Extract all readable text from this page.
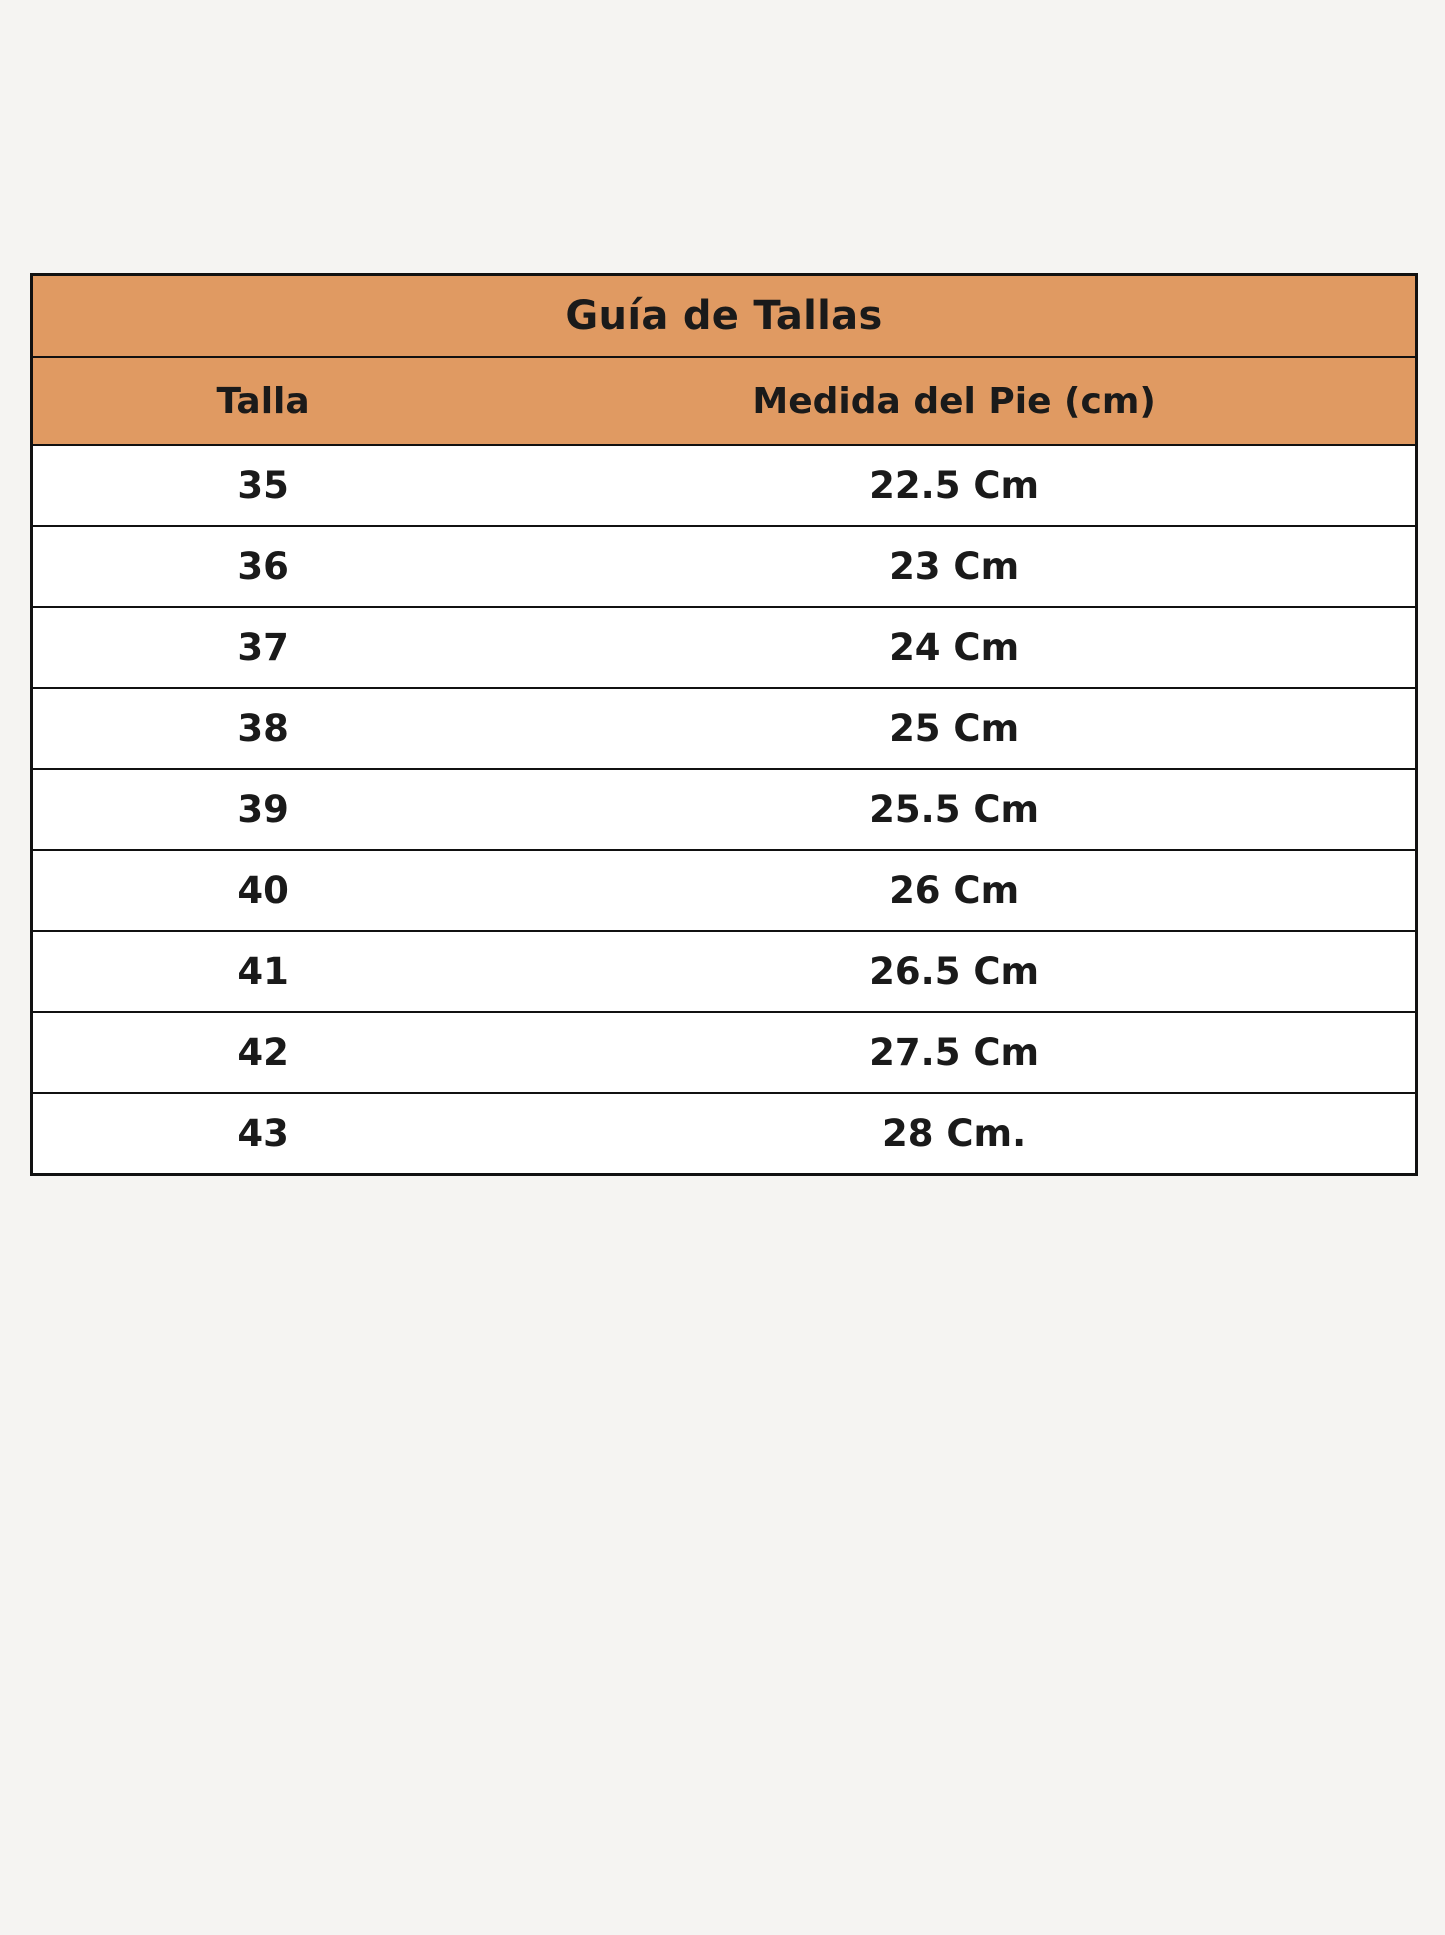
Guía de Tallas	
Talla	Medida del Pie (cm)
35	22.5 Cm
36	23 Cm
37	24 Cm
38	25 Cm
39	25.5 Cm
40	26 Cm
41	26.5 Cm
42	27.5 Cm
43	28 Cm.
